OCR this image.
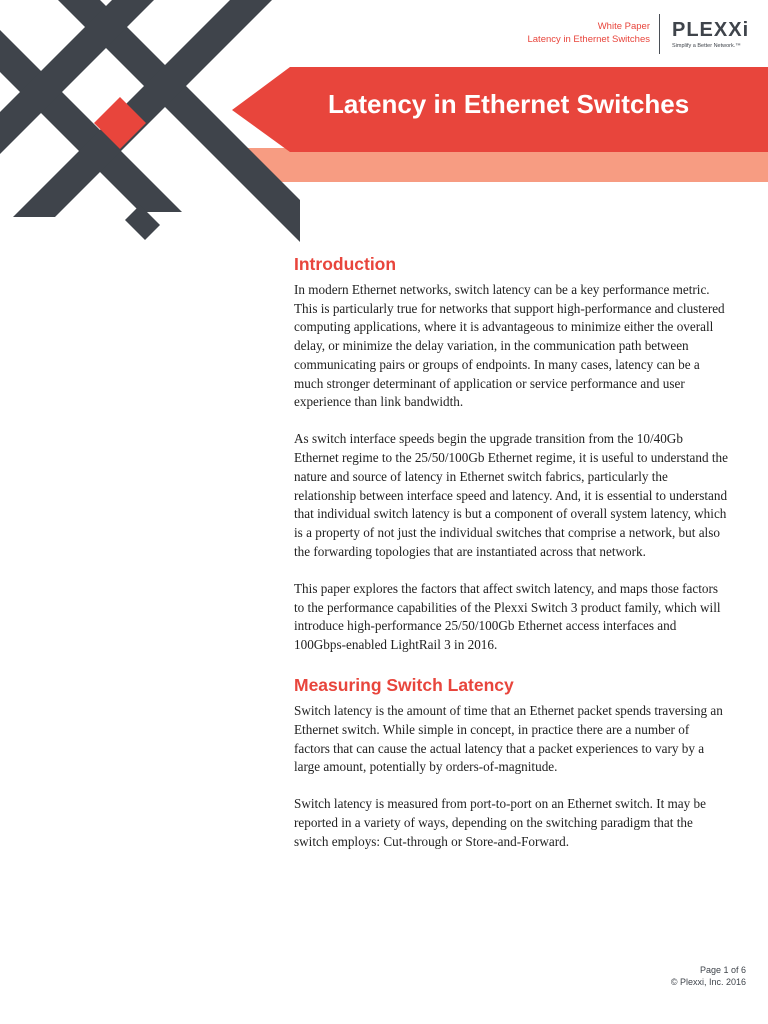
White Paper
Latency in Ethernet Switches PLEXXi
Simplify a Better Network.™
Latency in Ethernet Switches
Introduction

In modern Ethernet networks, switch latency can be a key performance metric. This is particularly true for networks that support high-performance and clustered computing applications, where it is advantageous to minimize either the overall delay, or minimize the delay variation, in the communication path between communicating pairs or groups of endpoints. In many cases, latency can be a much stronger determinant of application or service performance and user experience than link bandwidth.

As switch interface speeds begin the upgrade transition from the 10/40Gb Ethernet regime to the 25/50/100Gb Ethernet regime, it is useful to understand the nature and source of latency in Ethernet switch fabrics, particularly the relationship between interface speed and latency. And, it is essential to understand that individual switch latency is but a component of overall system latency, which is a property of not just the individual switches that comprise a network, but also the forwarding topologies that are instantiated across that network.

This paper explores the factors that affect switch latency, and maps those factors to the performance capabilities of the Plexxi Switch 3 product family, which will introduce high-performance 25/50/100Gb Ethernet access interfaces and 100Gbps-enabled LightRail 3 in 2016.

Measuring Switch Latency

Switch latency is the amount of time that an Ethernet packet spends traversing an Ethernet switch. While simple in concept, in practice there are a number of factors that can cause the actual latency that a packet experiences to vary by a large amount, potentially by orders-of-magnitude.

Switch latency is measured from port-to-port on an Ethernet switch. It may be reported in a variety of ways, depending on the switching paradigm that the switch employs: Cut-through or Store-and-Forward.

Page 1 of 6
© Plexxi, Inc. 2016
